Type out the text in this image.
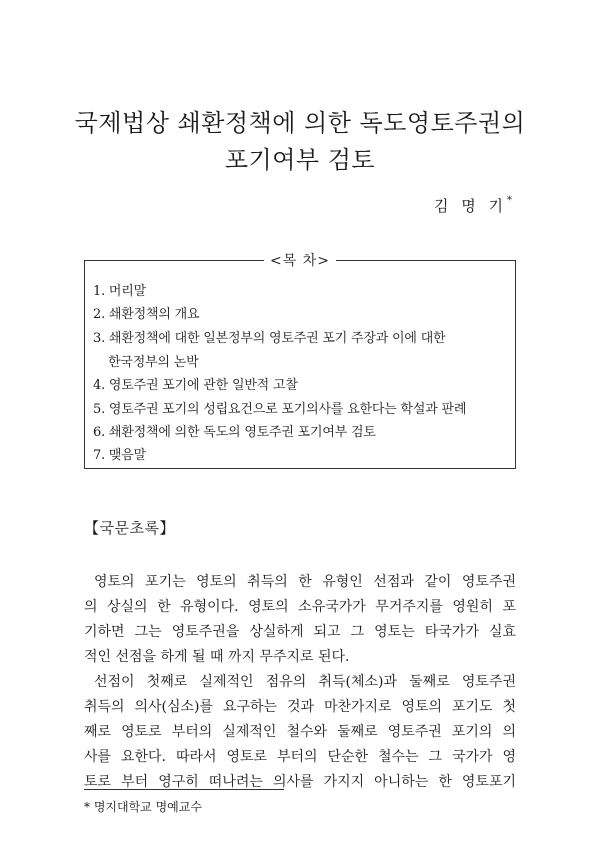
국제법상 쇄환정책에 의한 독도영토주권의
포기여부 검토
김 명 기*
<목 차>
1. 머리말
2. 쇄환정책의 개요
3. 쇄환정책에 대한 일본정부의 영토주권 포기 주장과 이에 대한
한국정부의 논박
4. 영토주권 포기에 관한 일반적 고찰
5. 영토주권 포기의 성립요건으로 포기의사를 요한다는 학설과 판례
6. 쇄환정책에 의한 독도의 영토주권 포기여부 검토
7. 맺음말
【국문초록】
영토의 포기는 영토의 취득의 한 유형인 선점과 같이 영토주권
의 상실의 한 유형이다. 영토의 소유국가가 무거주지를 영원히 포
기하면 그는 영토주권을 상실하게 되고 그 영토는 타국가가 실효
적인 선점을 하게 될 때 까지 무주지로 된다.
선점이 첫째로 실제적인 점유의 취득(체소)과 둘째로 영토주권
취득의 의사(심소)를 요구하는 것과 마찬가지로 영토의 포기도 첫
째로 영토로 부터의 실제적인 철수와 둘째로 영토주권 포기의 의
사를 요한다. 따라서 영토로 부터의 단순한 철수는 그 국가가 영
토로 부터 영구히 떠나려는 의사를 가지지 아니하는 한 영토포기
* 명지대학교 명예교수
